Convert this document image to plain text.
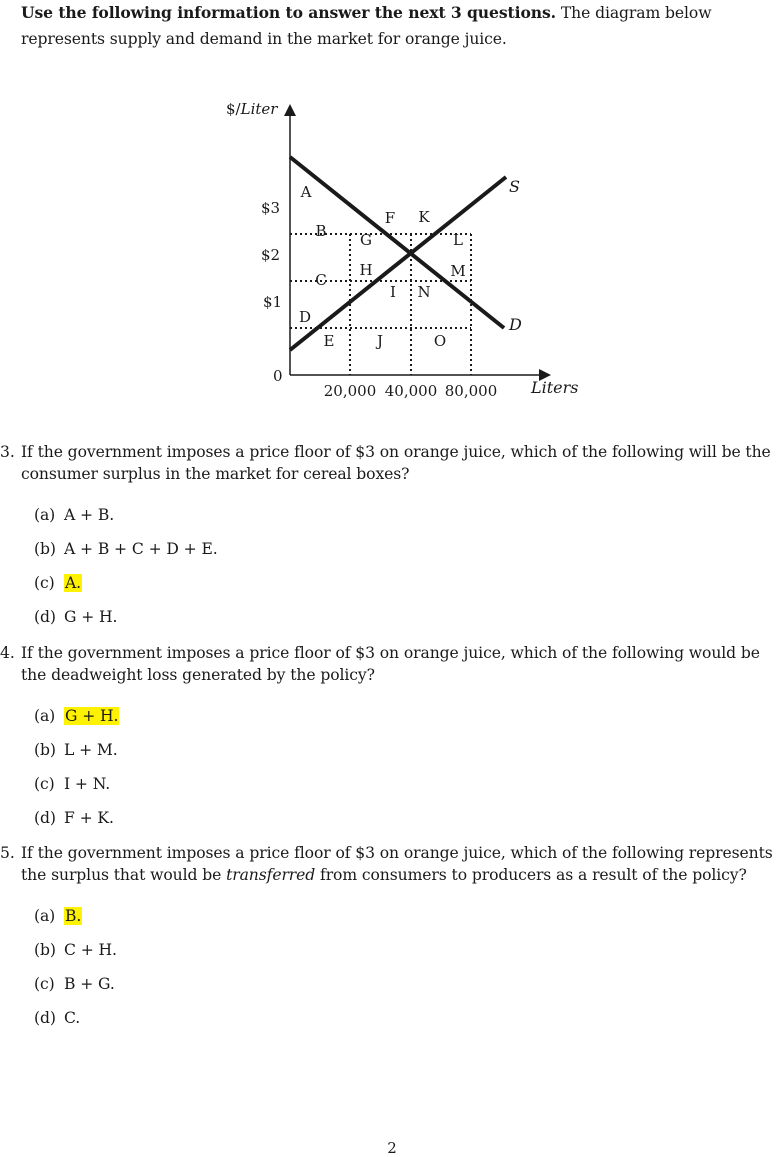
Use the following information to answer the next 3 questions. The diagram below represents supply and demand in the market for orange juice.
S
D
$/Liter
Liters
$3
$2
$1
0
20,000 40,000 80,000
A
B
C
D
E
F
G
H
I
J
K
L
M
N
O
3. If the government imposes a price floor of $3 on orange juice, which of the following will be the consumer surplus in the market for cereal boxes?
(a) A + B.
(b) A + B + C + D + E.
(c) A.
(d) G + H.
4. If the government imposes a price floor of $3 on orange juice, which of the following would be the deadweight loss generated by the policy?
(a) G + H.
(b) L + M.
(c) I + N.
(d) F + K.
5. If the government imposes a price floor of $3 on orange juice, which of the following represents the surplus that would be transferred from consumers to producers as a result of the policy?
(a) B.
(b) C + H.
(c) B + G.
(d) C.
2
